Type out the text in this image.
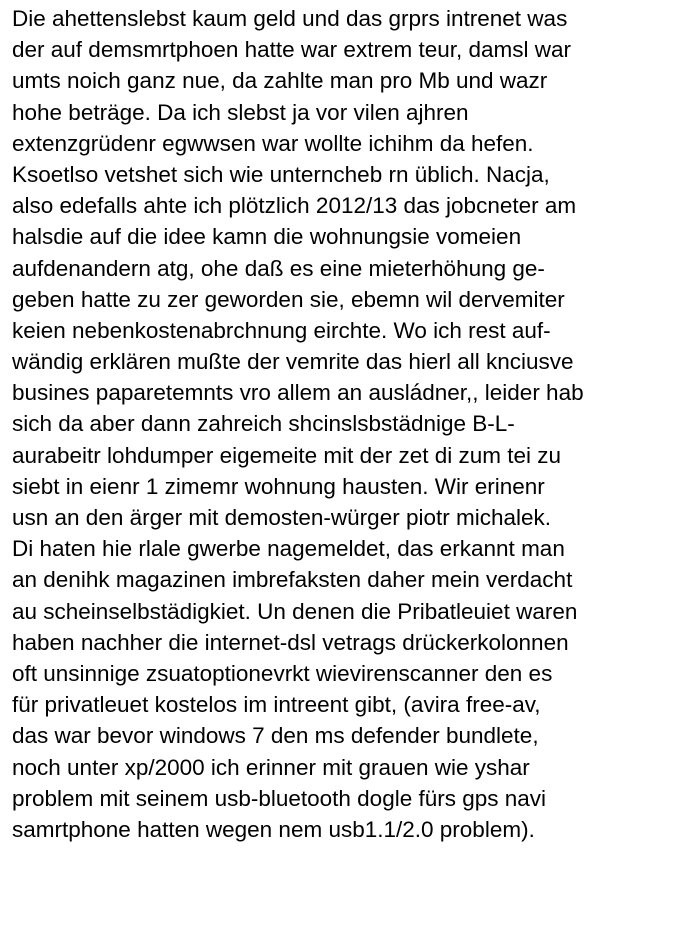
Die ahettenslebst kaum geld und das grprs intrenet was
der auf demsmrtphoen hatte war extrem teur, damsl war
umts noich ganz nue, da zahlte man pro Mb und wazr
hohe beträge. Da ich slebst ja vor vilen ajhren
extenzgrüdenr egwwsen war wollte ichihm da hefen.
Ksoetlso vetshet sich wie unterncheb rn üblich. Nacja,
also edefalls ahte ich plötzlich 2012/13 das jobcneter am
halsdie auf die idee kamn die wohnungsie vomeien
aufdenandern atg, ohe daß es eine mieterhöhung ge-
geben hatte zu zer geworden sie, ebemn wil dervemiter
keien nebenkostenabrchnung eirchte. Wo ich rest auf-
wändig erklären mußte der vemrite das hierl all knciusve
busines paparetemnts vro allem an ausládner,, leider hab
sich da aber dann zahreich shcinslsbstädnige B-L-
aurabeitr lohdumper eigemeite mit der zet di zum tei zu
siebt in eienr 1 zimemr wohnung hausten. Wir erinenr
usn an den ärger mit demosten-würger piotr michalek.
Di haten hie rlale gwerbe nagemeldet, das erkannt man
an denihk magazinen imbrefaksten daher mein verdacht
au scheinselbstädigkiet. Un denen die Pribatleuiet waren
haben nachher die internet-dsl vetrags drückerkolonnen
oft unsinnige zsuatoptionevrkt wievirenscanner den es
für privatleuet kostelos im intreent gibt, (avira free-av,
das war bevor windows 7 den ms defender bundlete,
noch unter xp/2000 ich erinner mit grauen wie yshar
problem mit seinem usb-bluetooth dogle fürs gps navi
samrtphone hatten wegen nem usb1.1/2.0 problem).
